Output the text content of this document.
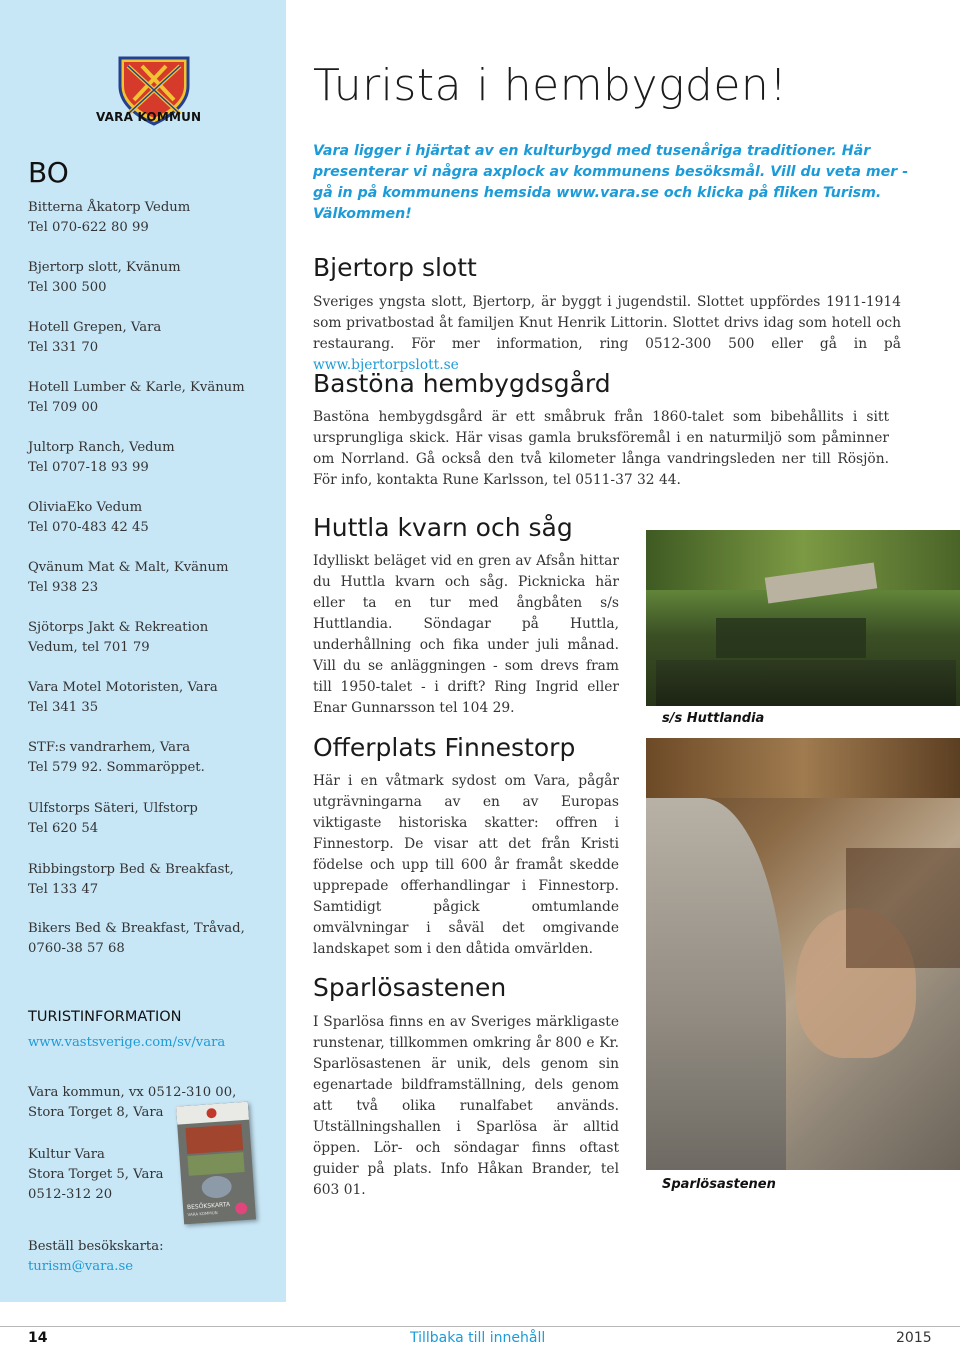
VARA KOMMUN
BO
Bitterna Åkatorp Vedum
Tel 070-622 80 99
Bjertorp slott, Kvänum
Tel 300 500
Hotell Grepen, Vara
Tel 331 70
Hotell Lumber & Karle, Kvänum
Tel 709 00
Jultorp Ranch, Vedum
Tel 0707-18 93 99
OliviaEko Vedum
Tel 070-483 42 45
Qvänum Mat & Malt, Kvänum
Tel 938 23
Sjötorps Jakt & Rekreation
Vedum, tel 701 79
Vara Motel Motoristen, Vara
Tel 341 35
STF:s vandrarhem, Vara
Tel 579 92. Sommaröppet.
Ulfstorps Säteri, Ulfstorp
Tel 620 54
Ribbingstorp Bed & Breakfast,
Tel 133 47
Bikers Bed & Breakfast, Tråvad,
0760-38 57 68
TURISTINFORMATION
www.vastsverige.com/sv/vara
Vara kommun, vx 0512-310 00,
Stora Torget 8, Vara
Kultur Vara
Stora Torget 5, Vara
0512-312 20
BESÖKSKARTA
VARA KOMMUN
Beställ besökskarta:
turism@vara.se
Turista i hembygden!
Vara ligger i hjärtat av en kulturbygd med tusenåriga traditioner. Här presenterar vi några axplock av kommunens besöksmål. Vill du veta mer - gå in på kommunens hemsida www.vara.se och klicka på fliken Turism. Välkommen!
Bjertorp slott
Sveriges yngsta slott, Bjertorp, är byggt i jugendstil. Slottet uppfördes 1911-1914 som privatbostad åt familjen Knut Henrik Littorin. Slottet drivs idag som hotell och restaurang. För mer information, ring 0512-300 500 eller gå in på www.bjertorpslott.se
Bastöna hembygdsgård
Bastöna hembygdsgård är ett småbruk från 1860-talet som bibehållits i sitt ursprungliga skick. Här visas gamla bruksföremål i en naturmiljö som påminner om Norrland. Gå också den två kilometer långa vandringsleden ner till Rösjön. För info, kontakta Rune Karlsson, tel 0511-37 32 44.
Huttla kvarn och såg
Idylliskt beläget vid en gren av Afsån hittar du Huttla kvarn och såg. Picknicka här eller ta en tur med ångbåten s/s Huttlandia. Söndagar på Huttla, underhållning och fika under juli månad. Vill du se anläggningen - som drevs fram till 1950-talet - i drift? Ring Ingrid eller Enar Gunnarsson tel 104 29.
Offerplats Finnestorp
Här i en våtmark sydost om Vara, pågår utgrävningarna av en av Europas viktigaste historiska skatter: offren i Finnestorp. De visar att det från Kristi födelse och upp till 600 år framåt skedde upprepade offerhandlingar i Finnestorp. Samtidigt pågick omtumlande omvälvningar i såväl det omgivande landskapet som i den dåtida omvärlden.
Sparlösastenen
I Sparlösa finns en av Sveriges märkligaste runstenar, tillkommen omkring år 800 e Kr. Sparlösastenen är unik, dels genom sin egenartade bildframställning, dels genom att två olika runalfabet används. Utställningshallen i Sparlösa är alltid öppen. Lör- och söndagar finns oftast guider på plats. Info Håkan Brander, tel 603 01.
s/s Huttlandia
Sparlösastenen
14	Tillbaka till innehåll	2015
